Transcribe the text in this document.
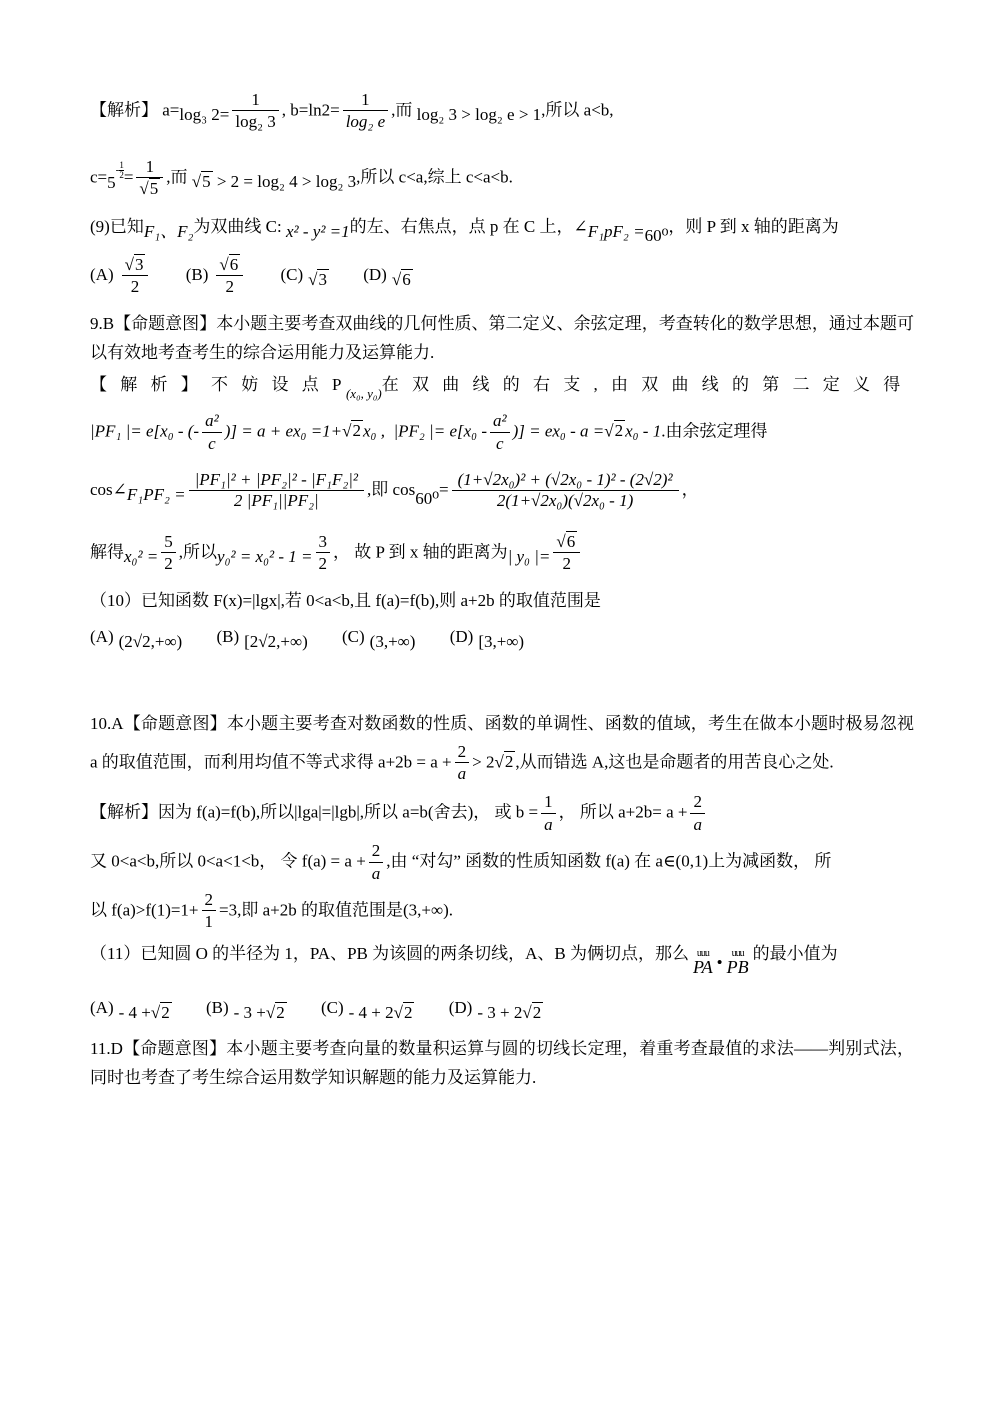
【解析】 a=log₃ $2= \frac{1}{\text{log₂ 3}}$ , $b=\ln 2= \frac{1}{\text{log₂ e}}$ ,而 log₂ 3 > log₂ e > 1,所以 a<b,

$c=5^{- \frac{1}{2}} = \frac{1}{√5}$ ,而 √5 > 2 = log₂ 4 > log₂ 3,所以 c<a,综上 c<a<b.

(9)已知F₁、F₂为双曲线 C: x² - y² =1的左、右焦点，点 p 在 C 上，∠F₁pF₂ =60⁰，则 P 到 x 轴的距离为

$(A) \frac{√3}{2} (B) \frac{√6}{2} (C)$ √3 (D) √6

9.B【命题意图】本小题主要考查双曲线的几何性质、第二定义、余弦定理，考查转化的数学思想，通过本题可以有效地考查考生的综合运用能力及运算能力.

【 解 析 】 不 妨 设 点 $P_{(x_0, y_0)}$在 双 曲 线 的 右 支 , 由 双 曲 线 的 第 二 定 义 得

|PF₁ |= e[x₀ - (- $\frac{\text{a²}}{c}$ )] = a + ex₀ =1+√2 x₀ , |PF₂ |= $e[x_0 - \frac{\text{a²}}{c}$ )] = ex₀ - a =√2 x₀ - 1.由余弦定理得

cos∠F₁PF₂ = $\frac{\text{|PF₁|² + |PF₂|² - |F₁F₂|²}}{\text{2 |PF₁||PF₂|}}$ ,即 $\cos 60^0= \frac{\text{(1+√2x₀)² + (√2x₀ - 1)² - (2√2)²}}{\text{2(1+√2x₀)(√2x₀ - 1)}}$ ，

解得$x_0^2 = \frac{5}{2}$ ,所以$y_0^2 = x_0^2 - 1 = \frac{3}{2}$ ， 故 P 到 x 轴的距离为| y₀ |= $\frac{√6}{2}$

（10）已知函数 F(x)=|lgx|,若 0<a<b,且 f(a)=f(b),则 a+2b 的取值范围是

(A) (2√2,+∞) (B) [2√2,+∞) (C) (3,+∞) (D) [3,+∞)

10.A【命题意图】本小题主要考查对数函数的性质、函数的单调性、函数的值域，考生在做本小题时极易忽视 a 的取值范围，而利用均值不等式求得 $a+2b = a + \frac{2}{a} > 2√2$ ,从而错选 A,这也是命题者的用苦良心之处.

【解析】因为 f(a)=f(b),所以|lga|=|lgb|,所以 a=b(舍去)， 或 $b = \frac{1}{a}$ ， 所以 $a+2b= a + \frac{2}{a}$

又 0<a<b,所以 0<a<1<b， 令 $f(a) = a + \frac{2}{a}$ ,由 “对勾” 函数的性质知函数 f(a) 在 a∈(0,1)上为减函数， 所

以 $f(a)>f(1)=1+ \frac{2}{1} =3$,即 a+2b 的取值范围是(3,+∞).

（11）已知圆 O 的半径为 1，PA、PB 为该圆的两条切线，A、B 为俩切点，那么 uuu
PA • uuu
PB
的最小值为

(A) - 4 +√2 (B) - 3 +√2 (C) - 4 + 2√2 (D) - 3 + 2√2

11.D【命题意图】本小题主要考查向量的数量积运算与圆的切线长定理，着重考查最值的求法——判别式法，同时也考查了考生综合运用数学知识解题的能力及运算能力.
